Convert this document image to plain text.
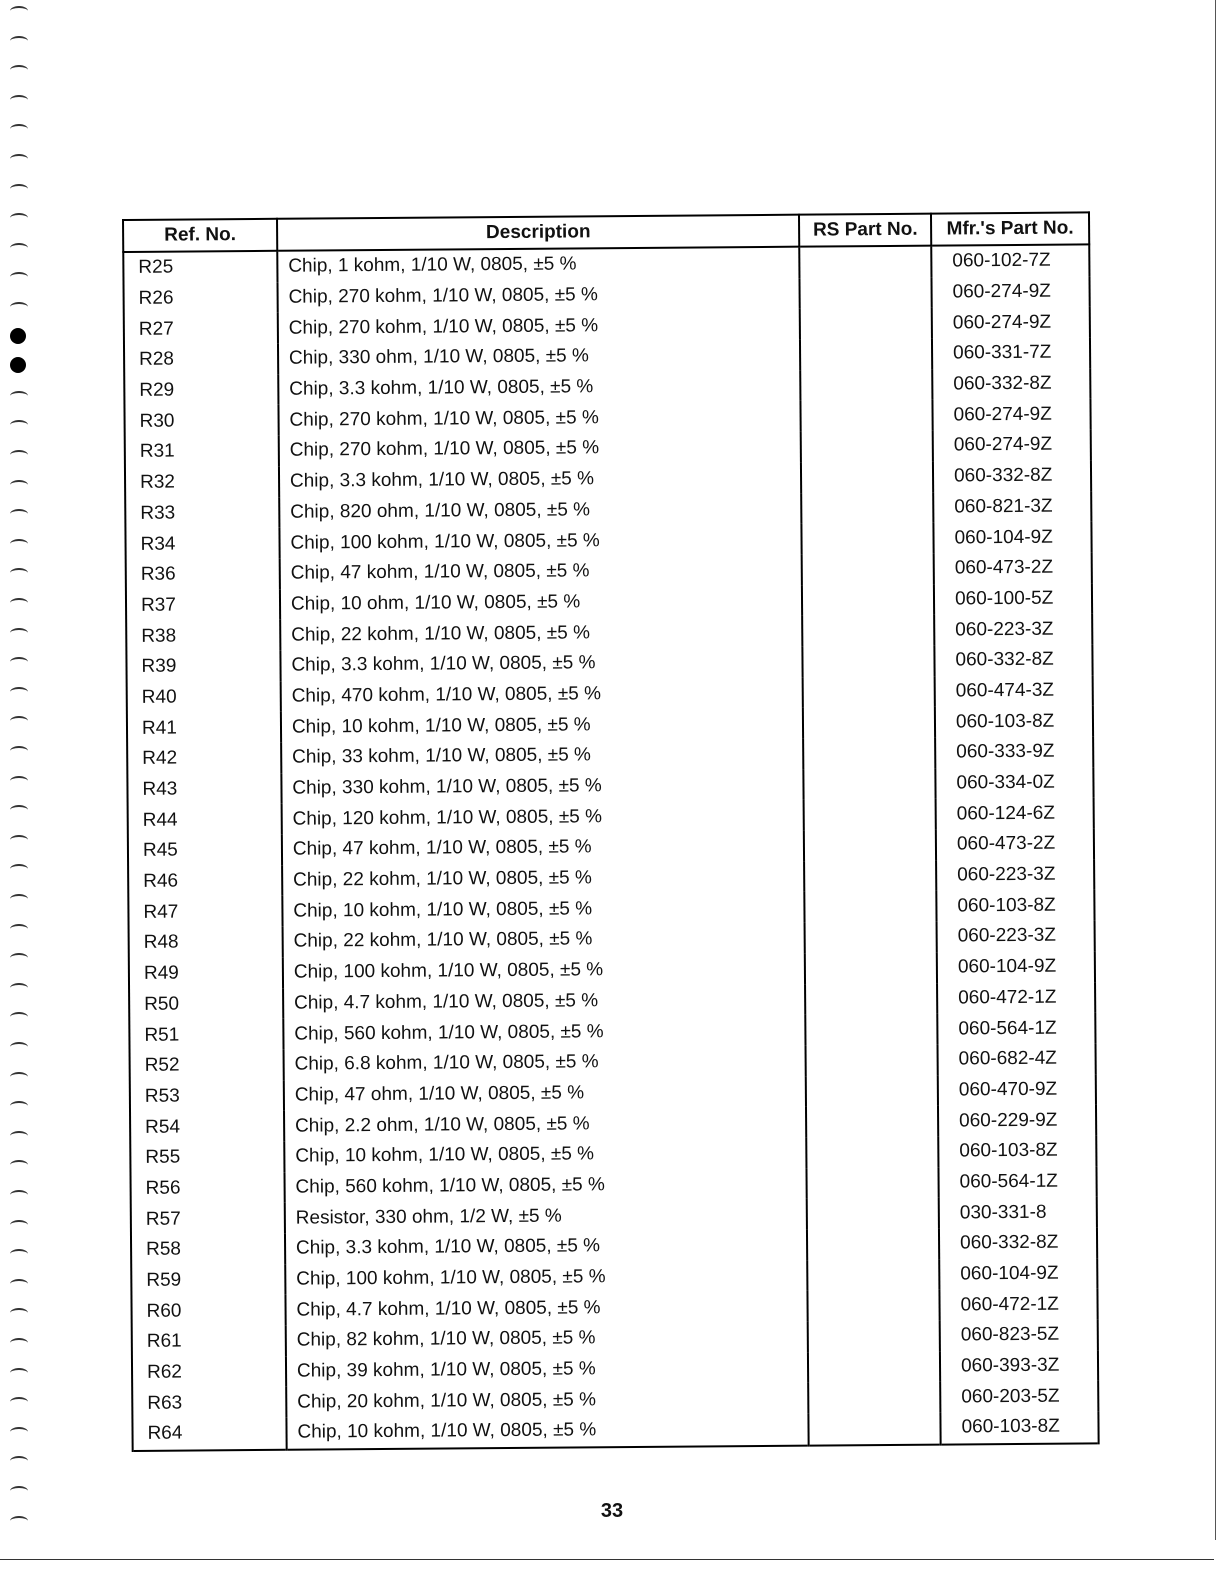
Ref. No.	Description	RS Part No.	Mfr.'s Part No.
R25	Chip, 1 kohm, 1/10 W, 0805, ±5 %		060-102-7Z
R26	Chip, 270 kohm, 1/10 W, 0805, ±5 %		060-274-9Z
R27	Chip, 270 kohm, 1/10 W, 0805, ±5 %		060-274-9Z
R28	Chip, 330 ohm, 1/10 W, 0805, ±5 %		060-331-7Z
R29	Chip, 3.3 kohm, 1/10 W, 0805, ±5 %		060-332-8Z
R30	Chip, 270 kohm, 1/10 W, 0805, ±5 %		060-274-9Z
R31	Chip, 270 kohm, 1/10 W, 0805, ±5 %		060-274-9Z
R32	Chip, 3.3 kohm, 1/10 W, 0805, ±5 %		060-332-8Z
R33	Chip, 820 ohm, 1/10 W, 0805, ±5 %		060-821-3Z
R34	Chip, 100 kohm, 1/10 W, 0805, ±5 %		060-104-9Z
R36	Chip, 47 kohm, 1/10 W, 0805, ±5 %		060-473-2Z
R37	Chip, 10 ohm, 1/10 W, 0805, ±5 %		060-100-5Z
R38	Chip, 22 kohm, 1/10 W, 0805, ±5 %		060-223-3Z
R39	Chip, 3.3 kohm, 1/10 W, 0805, ±5 %		060-332-8Z
R40	Chip, 470 kohm, 1/10 W, 0805, ±5 %		060-474-3Z
R41	Chip, 10 kohm, 1/10 W, 0805, ±5 %		060-103-8Z
R42	Chip, 33 kohm, 1/10 W, 0805, ±5 %		060-333-9Z
R43	Chip, 330 kohm, 1/10 W, 0805, ±5 %		060-334-0Z
R44	Chip, 120 kohm, 1/10 W, 0805, ±5 %		060-124-6Z
R45	Chip, 47 kohm, 1/10 W, 0805, ±5 %		060-473-2Z
R46	Chip, 22 kohm, 1/10 W, 0805, ±5 %		060-223-3Z
R47	Chip, 10 kohm, 1/10 W, 0805, ±5 %		060-103-8Z
R48	Chip, 22 kohm, 1/10 W, 0805, ±5 %		060-223-3Z
R49	Chip, 100 kohm, 1/10 W, 0805, ±5 %		060-104-9Z
R50	Chip, 4.7 kohm, 1/10 W, 0805, ±5 %		060-472-1Z
R51	Chip, 560 kohm, 1/10 W, 0805, ±5 %		060-564-1Z
R52	Chip, 6.8 kohm, 1/10 W, 0805, ±5 %		060-682-4Z
R53	Chip, 47 ohm, 1/10 W, 0805, ±5 %		060-470-9Z
R54	Chip, 2.2 ohm, 1/10 W, 0805, ±5 %		060-229-9Z
R55	Chip, 10 kohm, 1/10 W, 0805, ±5 %		060-103-8Z
R56	Chip, 560 kohm, 1/10 W, 0805, ±5 %		060-564-1Z
R57	Resistor, 330 ohm, 1/2 W, ±5 %		030-331-8
R58	Chip, 3.3 kohm, 1/10 W, 0805, ±5 %		060-332-8Z
R59	Chip, 100 kohm, 1/10 W, 0805, ±5 %		060-104-9Z
R60	Chip, 4.7 kohm, 1/10 W, 0805, ±5 %		060-472-1Z
R61	Chip, 82 kohm, 1/10 W, 0805, ±5 %		060-823-5Z
R62	Chip, 39 kohm, 1/10 W, 0805, ±5 %		060-393-3Z
R63	Chip, 20 kohm, 1/10 W, 0805, ±5 %		060-203-5Z
R64	Chip, 10 kohm, 1/10 W, 0805, ±5 %		060-103-8Z
33
